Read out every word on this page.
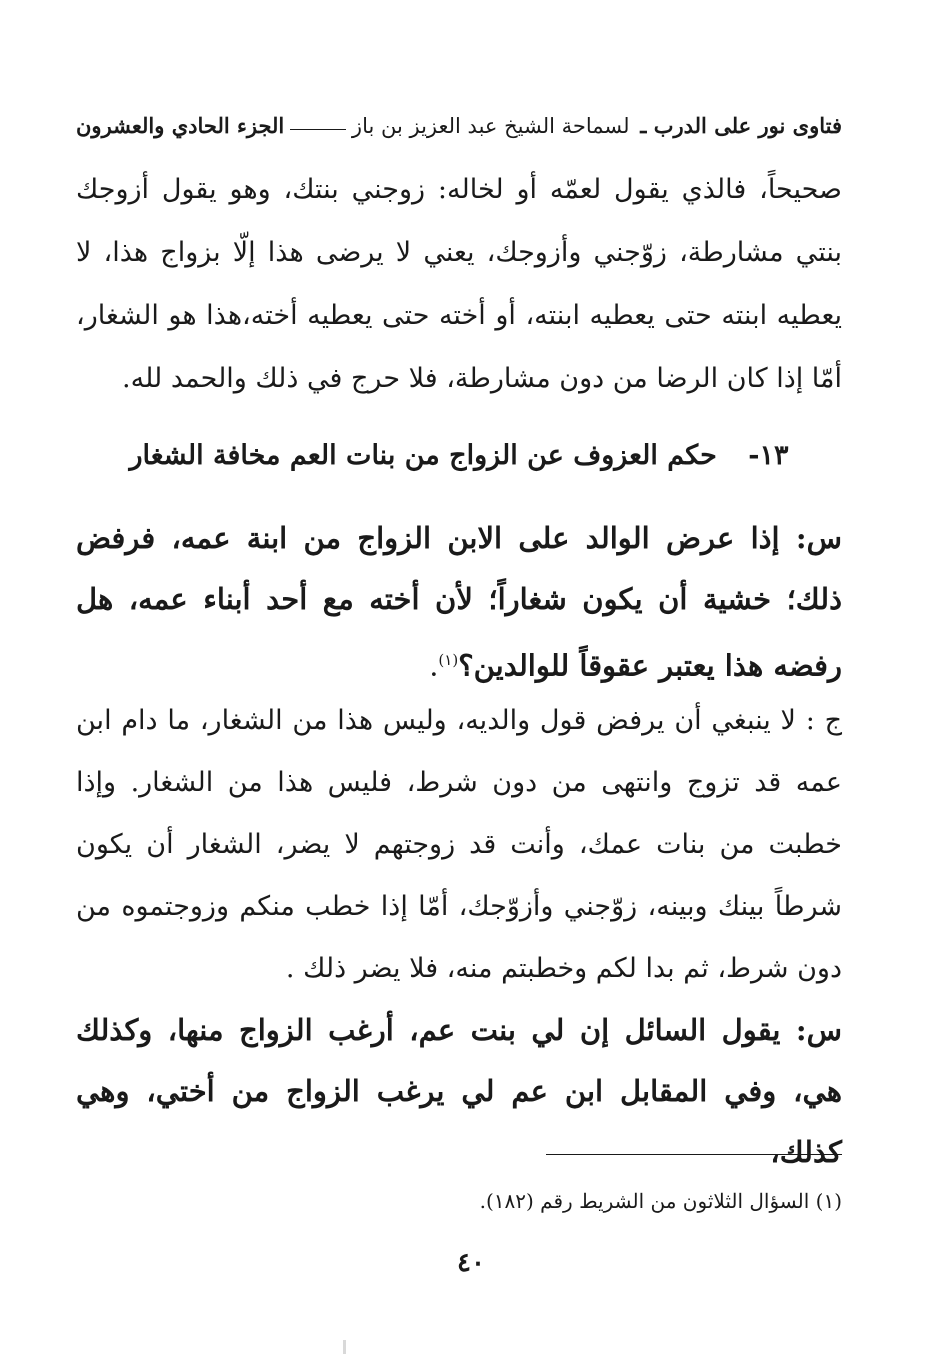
فتاوى نور على الدرب ـ لسماحة الشيخ عبد العزيز بن باز
الجزء الحادي والعشرون
صحيحاً، فالذي يقول لعمّه أو لخاله: زوجني بنتك، وهو يقول أزوجك بنتي مشارطة، زوّجني وأزوجك، يعني لا يرضى هذا إلّا بزواج هذا، لا يعطيه ابنته حتى يعطيه ابنته، أو أخته حتى يعطيه أخته،هذا هو الشغار، أمّا إذا كان الرضا من دون مشارطة، فلا حرج في ذلك والحمد لله.
١٣- حكم العزوف عن الزواج من بنات العم مخافة الشغار
س: إذا عرض الوالد على الابن الزواج من ابنة عمه، فرفض ذلك؛ خشية أن يكون شغاراً؛ لأن أخته مع أحد أبناء عمه، هل رفضه هذا يعتبر عقوقاً للوالدين؟$^{(١)}$.
ج : لا ينبغي أن يرفض قول والديه، وليس هذا من الشغار، ما دام ابن عمه قد تزوج وانتهى من دون شرط، فليس هذا من الشغار. وإذا خطبت من بنات عمك، وأنت قد زوجتهم لا يضر، الشغار أن يكون شرطاً بينك وبينه، زوّجني وأزوّجك، أمّا إذا خطب منكم وزوجتموه من دون شرط، ثم بدا لكم وخطبتم منه، فلا يضر ذلك .
س: يقول السائل إن لي بنت عم، أرغب الزواج منها، وكذلك هي، وفي المقابل ابن عم لي يرغب الزواج من أختي، وهي كذلك،
(١) السؤال الثلاثون من الشريط رقم (١٨٢).
٤٠
